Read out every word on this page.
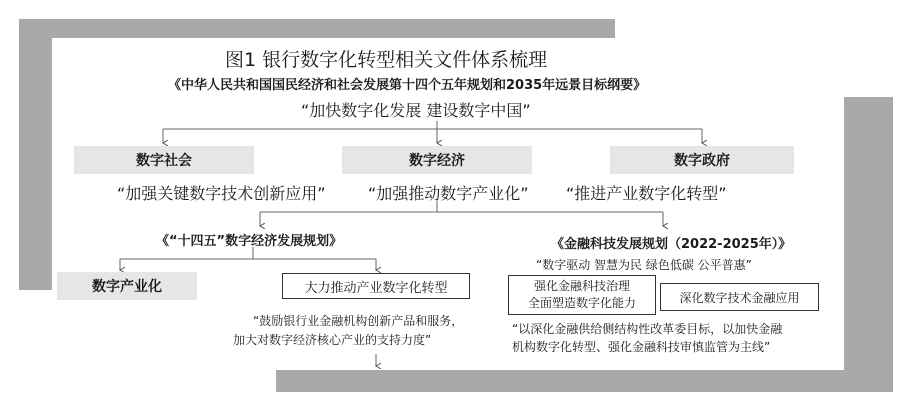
图1 银行数字化转型相关文件体系梳理
《中华人民共和国国民经济和社会发展第十四个五年规划和2035年远景目标纲要》
“加快数字化发展 建设数字中国”
数字社会	数字经济	数字政府
“加强关键数字技术创新应用”	“加强推动数字产业化” “推进产业数字化转型”
《“十四五”数字经济发展规划》
数字产业化	大力推动产业数字化转型
“鼓励银行业金融机构创新产品和服务，
加大对数字经济核心产业的支持力度”
《金融科技发展规划（2022-2025年）》
“数字驱动 智慧为民 绿色低碳 公平普惠”
强化金融科技治理
全面塑造数字化能力	深化数字技术金融应用
“以深化金融供给侧结构性改革委目标，以加快金融
机构数字化转型、强化金融科技审慎监管为主线”
